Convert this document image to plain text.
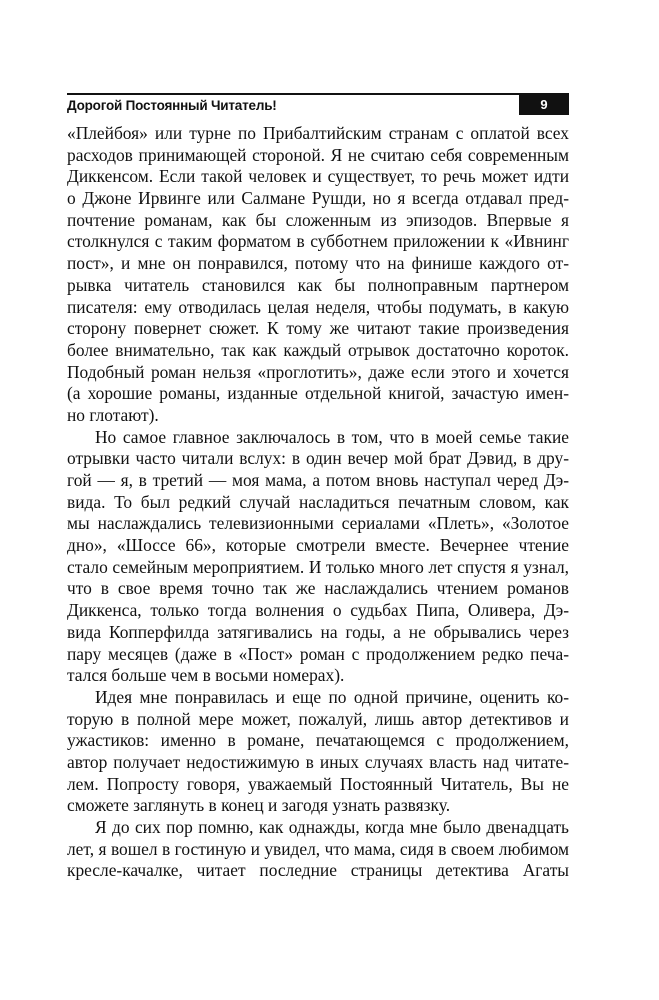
Дорогой Постоянный Читатель!	9
«Плейбоя» или турне по Прибалтийским странам с оплатой всех
расходов принимающей стороной. Я не считаю себя современным
Диккенсом. Если такой человек и существует, то речь может идти
о Джоне Ирвинге или Салмане Рушди, но я всегда отдавал пред-
почтение романам, как бы сложенным из эпизодов. Впервые я
столкнулся с таким форматом в субботнем приложении к «Ивнинг
пост», и мне он понравился, потому что на финише каждого от-
рывка читатель становился как бы полноправным партнером
писателя: ему отводилась целая неделя, чтобы подумать, в какую
сторону повернет сюжет. К тому же читают такие произведения
более внимательно, так как каждый отрывок достаточно короток.
Подобный роман нельзя «проглотить», даже если этого и хочется
(а хорошие романы, изданные отдельной книгой, зачастую имен-
но глотают).
Но самое главное заключалось в том, что в моей семье такие
отрывки часто читали вслух: в один вечер мой брат Дэвид, в дру-
гой — я, в третий — моя мама, а потом вновь наступал черед Дэ-
вида. То был редкий случай насладиться печатным словом, как
мы наслаждались телевизионными сериалами «Плеть», «Золотое
дно», «Шоссе 66», которые смотрели вместе. Вечернее чтение
стало семейным мероприятием. И только много лет спустя я узнал,
что в свое время точно так же наслаждались чтением романов
Диккенса, только тогда волнения о судьбах Пипа, Оливера, Дэ-
вида Копперфилда затягивались на годы, а не обрывались через
пару месяцев (даже в «Пост» роман с продолжением редко печа-
тался больше чем в восьми номерах).
Идея мне понравилась и еще по одной причине, оценить ко-
торую в полной мере может, пожалуй, лишь автор детективов и
ужастиков: именно в романе, печатающемся с продолжением,
автор получает недостижимую в иных случаях власть над читате-
лем. Попросту говоря, уважаемый Постоянный Читатель, Вы не
сможете заглянуть в конец и загодя узнать развязку.
Я до сих пор помню, как однажды, когда мне было двенадцать
лет, я вошел в гостиную и увидел, что мама, сидя в своем любимом
кресле-качалке, читает последние страницы детектива Агаты
